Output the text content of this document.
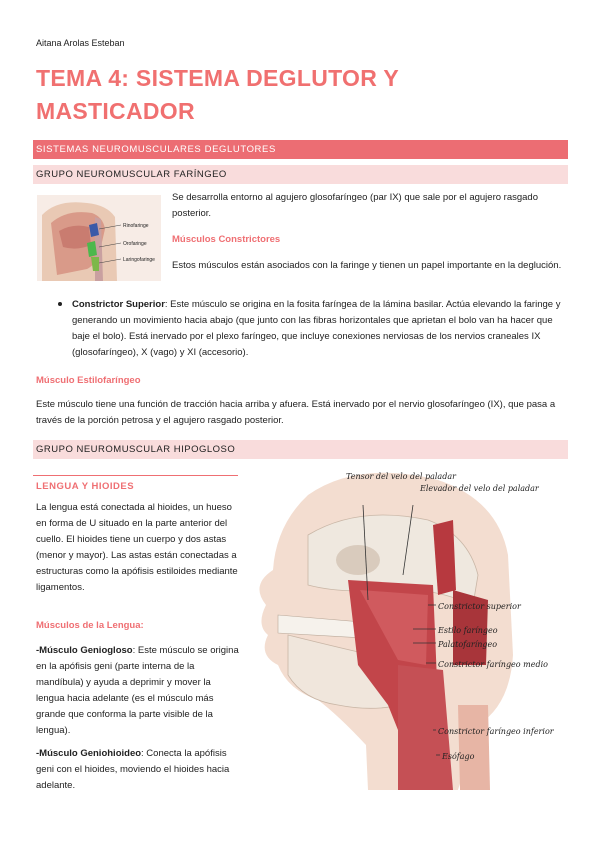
Aitana Arolas Esteban
TEMA 4: SISTEMA DEGLUTOR Y MASTICADOR
SISTEMAS NEUROMUSCULARES DEGLUTORES
GRUPO NEUROMUSCULAR FARÍNGEO
Rinofaringe
Orofaringe
Laringofaringe
Se desarrolla entorno al agujero glosofaríngeo (par IX) que sale por el agujero rasgado posterior.
Músculos Constrictores
Estos músculos están asociados con la faringe y tienen un papel importante en la deglución.
Constrictor Superior: Este músculo se origina en la fosita faríngea de la lámina basilar. Actúa elevando la faringe y generando un movimiento hacia abajo (que junto con las fibras horizontales que aprietan el bolo van ha hacer que baje el bolo). Está inervado por el plexo faríngeo, que incluye conexiones nerviosas de los nervios craneales IX (glosofaríngeo), X (vago) y XI (accesorio).
Músculo Estilofaríngeo
Este músculo tiene una función de tracción hacia arriba y afuera. Está inervado por el nervio glosofaríngeo (IX), que pasa a través de la porción petrosa y el agujero rasgado posterior.
GRUPO NEUROMUSCULAR HIPOGLOSO
LENGUA Y HIOIDES
La lengua está conectada al hioides, un hueso en forma de U situado en la parte anterior del cuello. El hioides tiene un cuerpo y dos astas (menor y mayor). Las astas están conectadas a estructuras como la apófisis estiloides mediante ligamentos.
Músculos de la Lengua:
-Músculo Geniogloso: Este músculo se origina en la apófisis geni (parte interna de la mandíbula) y ayuda a deprimir y mover la lengua hacia adelante (es el músculo más grande que conforma la parte visible de la lengua).
-Músculo Geniohioideo: Conecta la apófisis geni con el hioides, moviendo el hioides hacia adelante.
Tensor del velo del paladar
Elevador del velo del paladar
Constrictor superior
Estilo faríngeo
Palatofaríngeo
Constrictor faríngeo medio
Constrictor faríngeo inferior
Esófago
